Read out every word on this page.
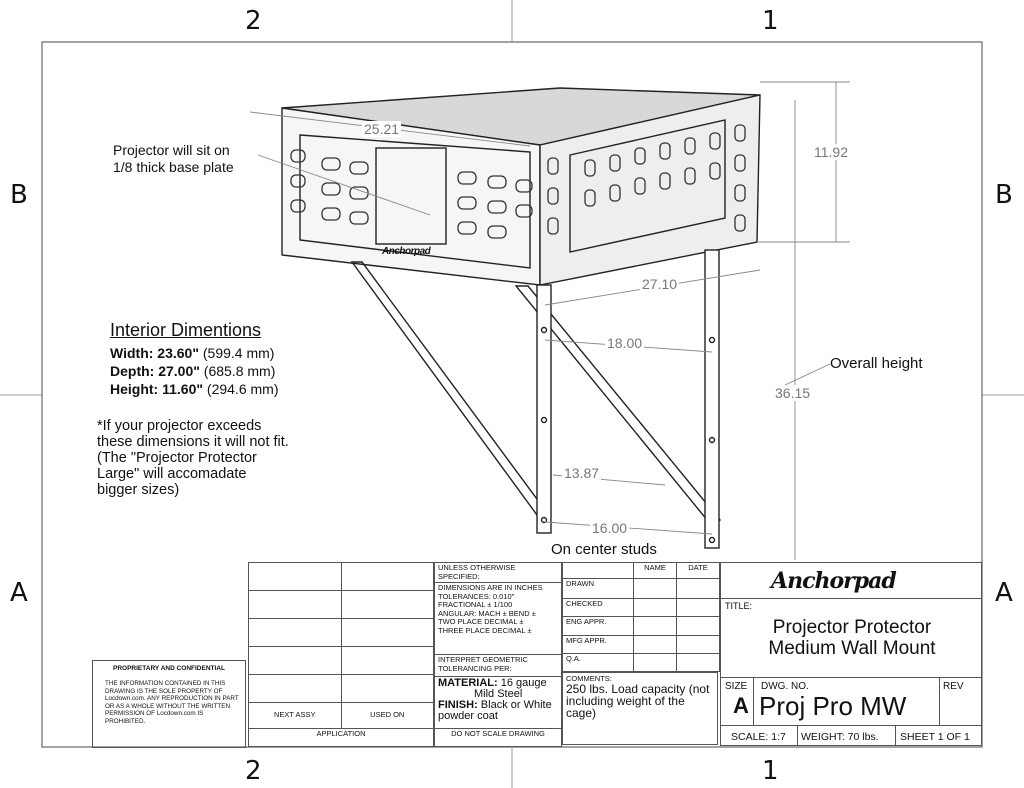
2	1
2	1
B	B
A	A
25.21
11.92
27.10
18.00
36.15
13.87
16.00
Projector will sit on
1/8 thick base plate
Overall height
On center studs
Anchorpad
Interior Dimentions
Width: 23.60" (599.4 mm)
Depth: 27.00" (685.8 mm)
Height: 11.60" (294.6 mm)
*If your projector exceeds
these dimensions it will not fit.
(The "Projector Protector
Large" will accomadate
bigger sizes)
PROPRIETARY AND CONFIDENTIAL
THE INFORMATION CONTAINED IN THIS DRAWING IS THE SOLE PROPERTY OF Locdown.com. ANY REPRODUCTION IN PART OR AS A WHOLE WITHOUT THE WRITTEN PERMISSION OF Locdown.com IS PROHIBITED.

NEXT ASSY	USED ON
APPLICATION	
UNLESS OTHERWISE SPECIFIED:

DIMENSIONS ARE IN INCHES
TOLERANCES: 0.010"
FRACTIONAL ± 1/100
ANGULAR: MACH ± BEND ±
TWO PLACE DECIMAL ±
THREE PLACE DECIMAL ±

INTERPRET GEOMETRIC TOLERANCING PER:

MATERIAL: 16 gauge
Mild Steel
FINISH: Black or White
powder coat

DO NOT SCALE DRAWING
	NAME	DATE
DRAWN		
CHECKED		
ENG APPR.		
MFG APPR.		
Q.A.		
COMMENTS:
250 lbs. Load capacity (not including weight of the cage)
Anchorpad
TITLE:
Projector Protector
Medium Wall Mount
SIZE
A
DWG. NO.
Proj Pro MW
REV
SCALE: 1:7 WEIGHT: 70 lbs. SHEET 1 OF 1
